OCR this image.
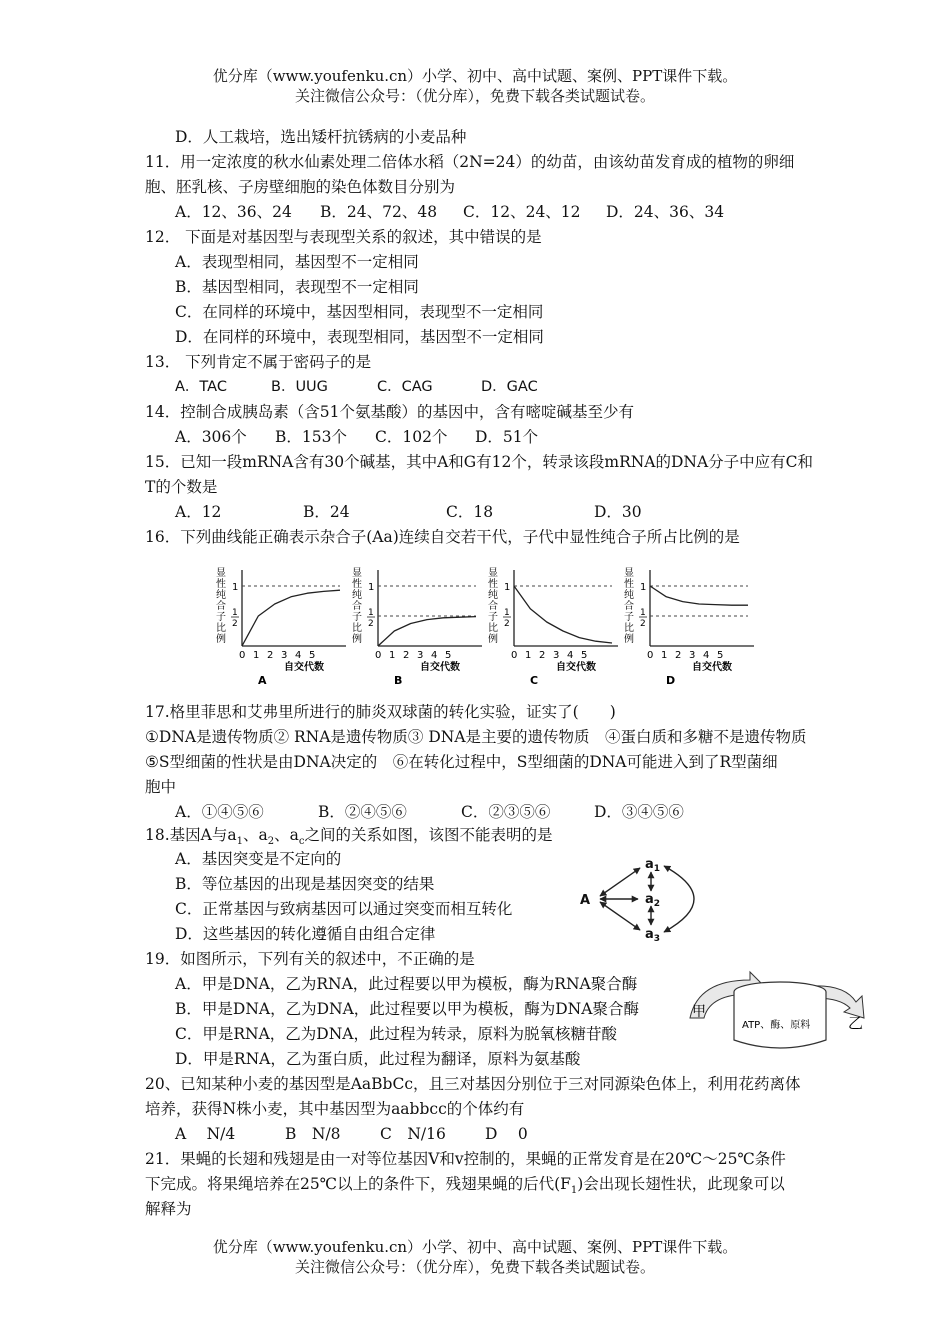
优分库（www.youfenku.cn）小学、初中、高中试题、案例、PPT课件下载。
关注微信公众号：（优分库），免费下载各类试题试卷。
D．人工栽培，选出矮杆抗锈病的小麦品种
11．用一定浓度的秋水仙素处理二倍体水稻（2N=24）的幼苗，由该幼苗发育成的植物的卵细
胞、胚乳核、子房壁细胞的染色体数目分别为
A．12、36、24 B．24、72、48 C．12、24、12 D．24、36、34
12． 下面是对基因型与表现型关系的叙述，其中错误的是
A．表现型相同，基因型不一定相同
B．基因型相同，表现型不一定相同
C．在同样的环境中，基因型相同，表现型不一定相同
D．在同样的环境中，表现型相同，基因型不一定相同
13． 下列肯定不属于密码子的是
A．TAC	B．UUG	C．CAG	D．GAC
14．控制合成胰岛素（含51个氨基酸）的基因中，含有嘧啶碱基至少有
A．306个 B．153个 C．102个 D．51个
15．已知一段mRNA含有30个碱基，其中A和G有12个，转录该段mRNA的DNA分子中应有C和
T的个数是
A．12	B．24	C．18	D．30
16．下列曲线能正确表示杂合子(Aa)连续自交若干代，子代中显性纯合子所占比例的是
显
性
纯
合
子
比
例
1
1
2
0 1 2 3 4 5
自交代数
A
显
性
纯
合
子
比
例
1
1
2
0 1 2 3 4 5
自交代数
B
显
性
纯
合
子
比
例
1
1
2
0 1 2 3 4 5
自交代数
C
显
性
纯
合
子
比
例
1
1
2
0 1 2 3 4 5
自交代数
D
17.格里菲思和艾弗里所进行的肺炎双球菌的转化实验，证实了(　　)
①DNA是遗传物质② RNA是遗传物质③ DNA是主要的遗传物质　④蛋白质和多糖不是遗传物质
⑤S型细菌的性状是由DNA决定的　⑥在转化过程中，S型细菌的DNA可能进入到了R型菌细
胞中
A．①④⑤⑥	B．②④⑤⑥	C．②③⑤⑥	D．③④⑤⑥
18.基因A与$a_1$、$a_2$、$a_c$之间的关系如图，该图不能表明的是
A．基因突变是不定向的
B．等位基因的出现是基因突变的结果
C．正常基因与致病基因可以通过突变而相互转化
D．这些基因的转化遵循自由组合定律
A
$a_1$
$a_2$
$a_3$
19．如图所示，下列有关的叙述中，不正确的是
A．甲是DNA，乙为RNA，此过程要以甲为模板，酶为RNA聚合酶
B．甲是DNA，乙为DNA，此过程要以甲为模板，酶为DNA聚合酶
C．甲是RNA，乙为DNA，此过程为转录，原料为脱氧核糖苷酸
D．甲是RNA，乙为蛋白质，此过程为翻译，原料为氨基酸
甲
乙
ATP、酶、原料
20、已知某种小麦的基因型是AaBbCc，且三对基因分别位于三对同源染色体上，利用花药离体
培养，获得N株小麦，其中基因型为aabbcc的个体约有
A　 N/4	B　N/8	C　N/16	D　 0
21．果蝇的长翅和残翅是由一对等位基因V和v控制的，果蝇的正常发育是在20℃～25℃条件
下完成。将果绳培养在25℃以上的条件下，残翅果蝇的后代$(F_1)$会出现长翅性状，此现象可以
解释为
优分库（www.youfenku.cn）小学、初中、高中试题、案例、PPT课件下载。
关注微信公众号：（优分库），免费下载各类试题试卷。
